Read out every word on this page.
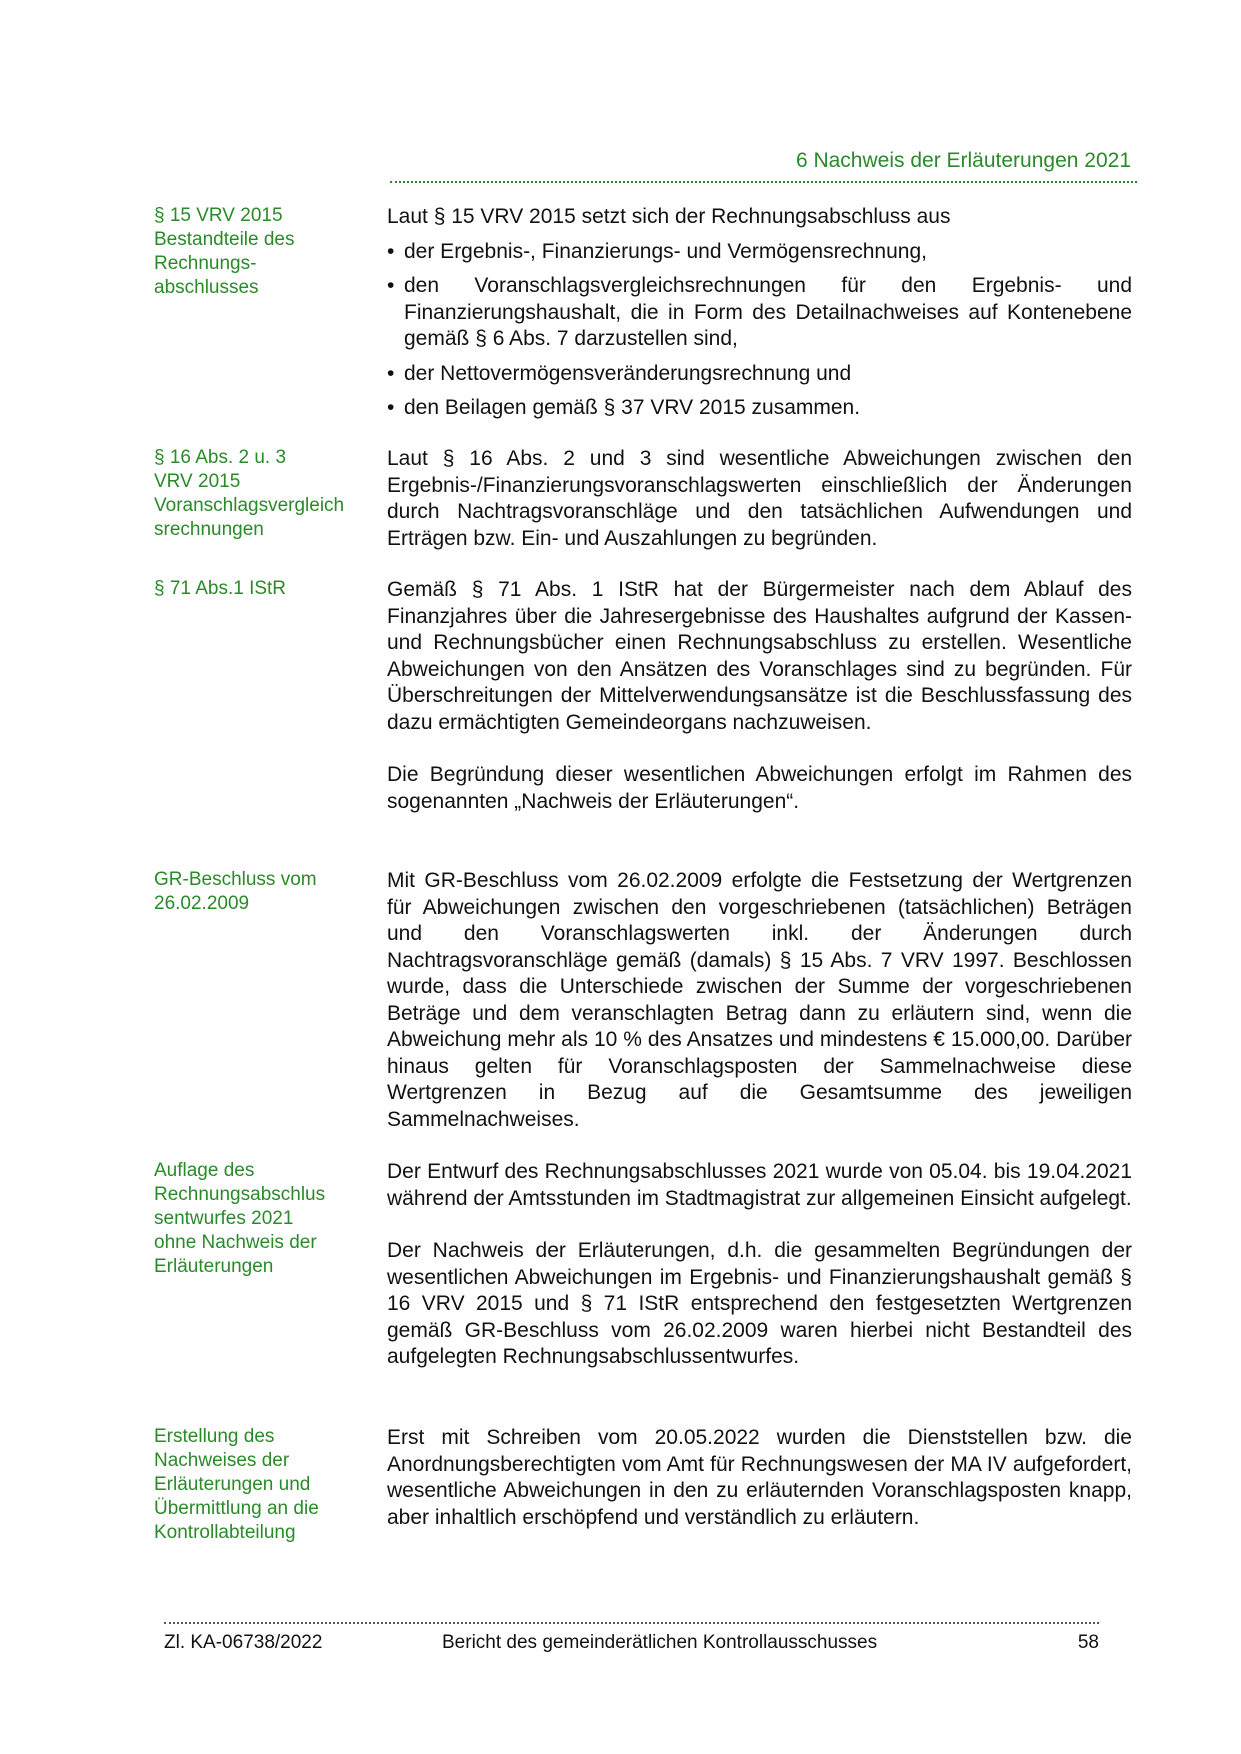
6 Nachweis der Erläuterungen 2021
§ 15 VRV 2015
Bestandteile des
Rechnungs-
abschlusses

Laut § 15 VRV 2015 setzt sich der Rechnungsabschluss aus

• der Ergebnis-, Finanzierungs- und Vermögensrechnung,
• den Voranschlagsvergleichsrechnungen für den Ergebnis- und Finanzierungshaushalt, die in Form des Detailnachweises auf Kontenebene gemäß § 6 Abs. 7 darzustellen sind,
• der Nettovermögensveränderungsrechnung und
• den Beilagen gemäß § 37 VRV 2015 zusammen.
§ 16 Abs. 2 u. 3
VRV 2015
Voranschlagsvergleich
srechnungen

Laut § 16 Abs. 2 und 3 sind wesentliche Abweichungen zwischen den Ergebnis-/Finanzierungsvoranschlagswerten einschließlich der Änderungen durch Nachtragsvoranschläge und den tatsächlichen Aufwendungen und Erträgen bzw. Ein- und Auszahlungen zu begründen.

§ 71 Abs.1 IStR	Gemäß § 71 Abs. 1 IStR hat der Bürgermeister nach dem Ablauf des Finanzjahres über die Jahresergebnisse des Haushaltes aufgrund der Kassen- und Rechnungsbücher einen Rechnungsabschluss zu erstellen. Wesentliche Abweichungen von den Ansätzen des Voranschlages sind zu begründen. Für Überschreitungen der Mittelverwendungsansätze ist die Beschlussfassung des dazu ermächtigten Gemeindeorgans nachzuweisen.

Die Begründung dieser wesentlichen Abweichungen erfolgt im Rahmen des sogenannten „Nachweis der Erläuterungen“.

GR-Beschluss vom
26.02.2009

Mit GR-Beschluss vom 26.02.2009 erfolgte die Festsetzung der Wertgrenzen für Abweichungen zwischen den vorgeschriebenen (tatsächlichen) Beträgen und den Voranschlagswerten inkl. der Änderungen durch Nachtragsvoranschläge gemäß (damals) § 15 Abs. 7 VRV 1997. Beschlossen wurde, dass die Unterschiede zwischen der Summe der vorgeschriebenen Beträge und dem veranschlagten Betrag dann zu erläutern sind, wenn die Abweichung mehr als 10 % des Ansatzes und mindestens € 15.000,00. Darüber hinaus gelten für Voranschlagsposten der Sammelnachweise diese Wertgrenzen in Bezug auf die Gesamtsumme des jeweiligen Sammelnachweises.

Auflage des
Rechnungsabschlus
sentwurfes 2021
ohne Nachweis der
Erläuterungen

Der Entwurf des Rechnungsabschlusses 2021 wurde von 05.04. bis 19.04.2021 während der Amtsstunden im Stadtmagistrat zur allgemeinen Einsicht aufgelegt.

Der Nachweis der Erläuterungen, d.h. die gesammelten Begründungen der wesentlichen Abweichungen im Ergebnis- und Finanzierungshaushalt gemäß § 16 VRV 2015 und § 71 IStR entsprechend den festgesetzten Wertgrenzen gemäß GR-Beschluss vom 26.02.2009 waren hierbei nicht Bestandteil des aufgelegten Rechnungsabschlussentwurfes.

Erstellung des
Nachweises der
Erläuterungen und
Übermittlung an die
Kontrollabteilung

Erst mit Schreiben vom 20.05.2022 wurden die Dienststellen bzw. die Anordnungsberechtigten vom Amt für Rechnungswesen der MA IV aufgefordert, wesentliche Abweichungen in den zu erläuternden Voranschlagsposten knapp, aber inhaltlich erschöpfend und verständlich zu erläutern.

Zl. KA-06738/2022	Bericht des gemeinderätlichen Kontrollausschusses	58
